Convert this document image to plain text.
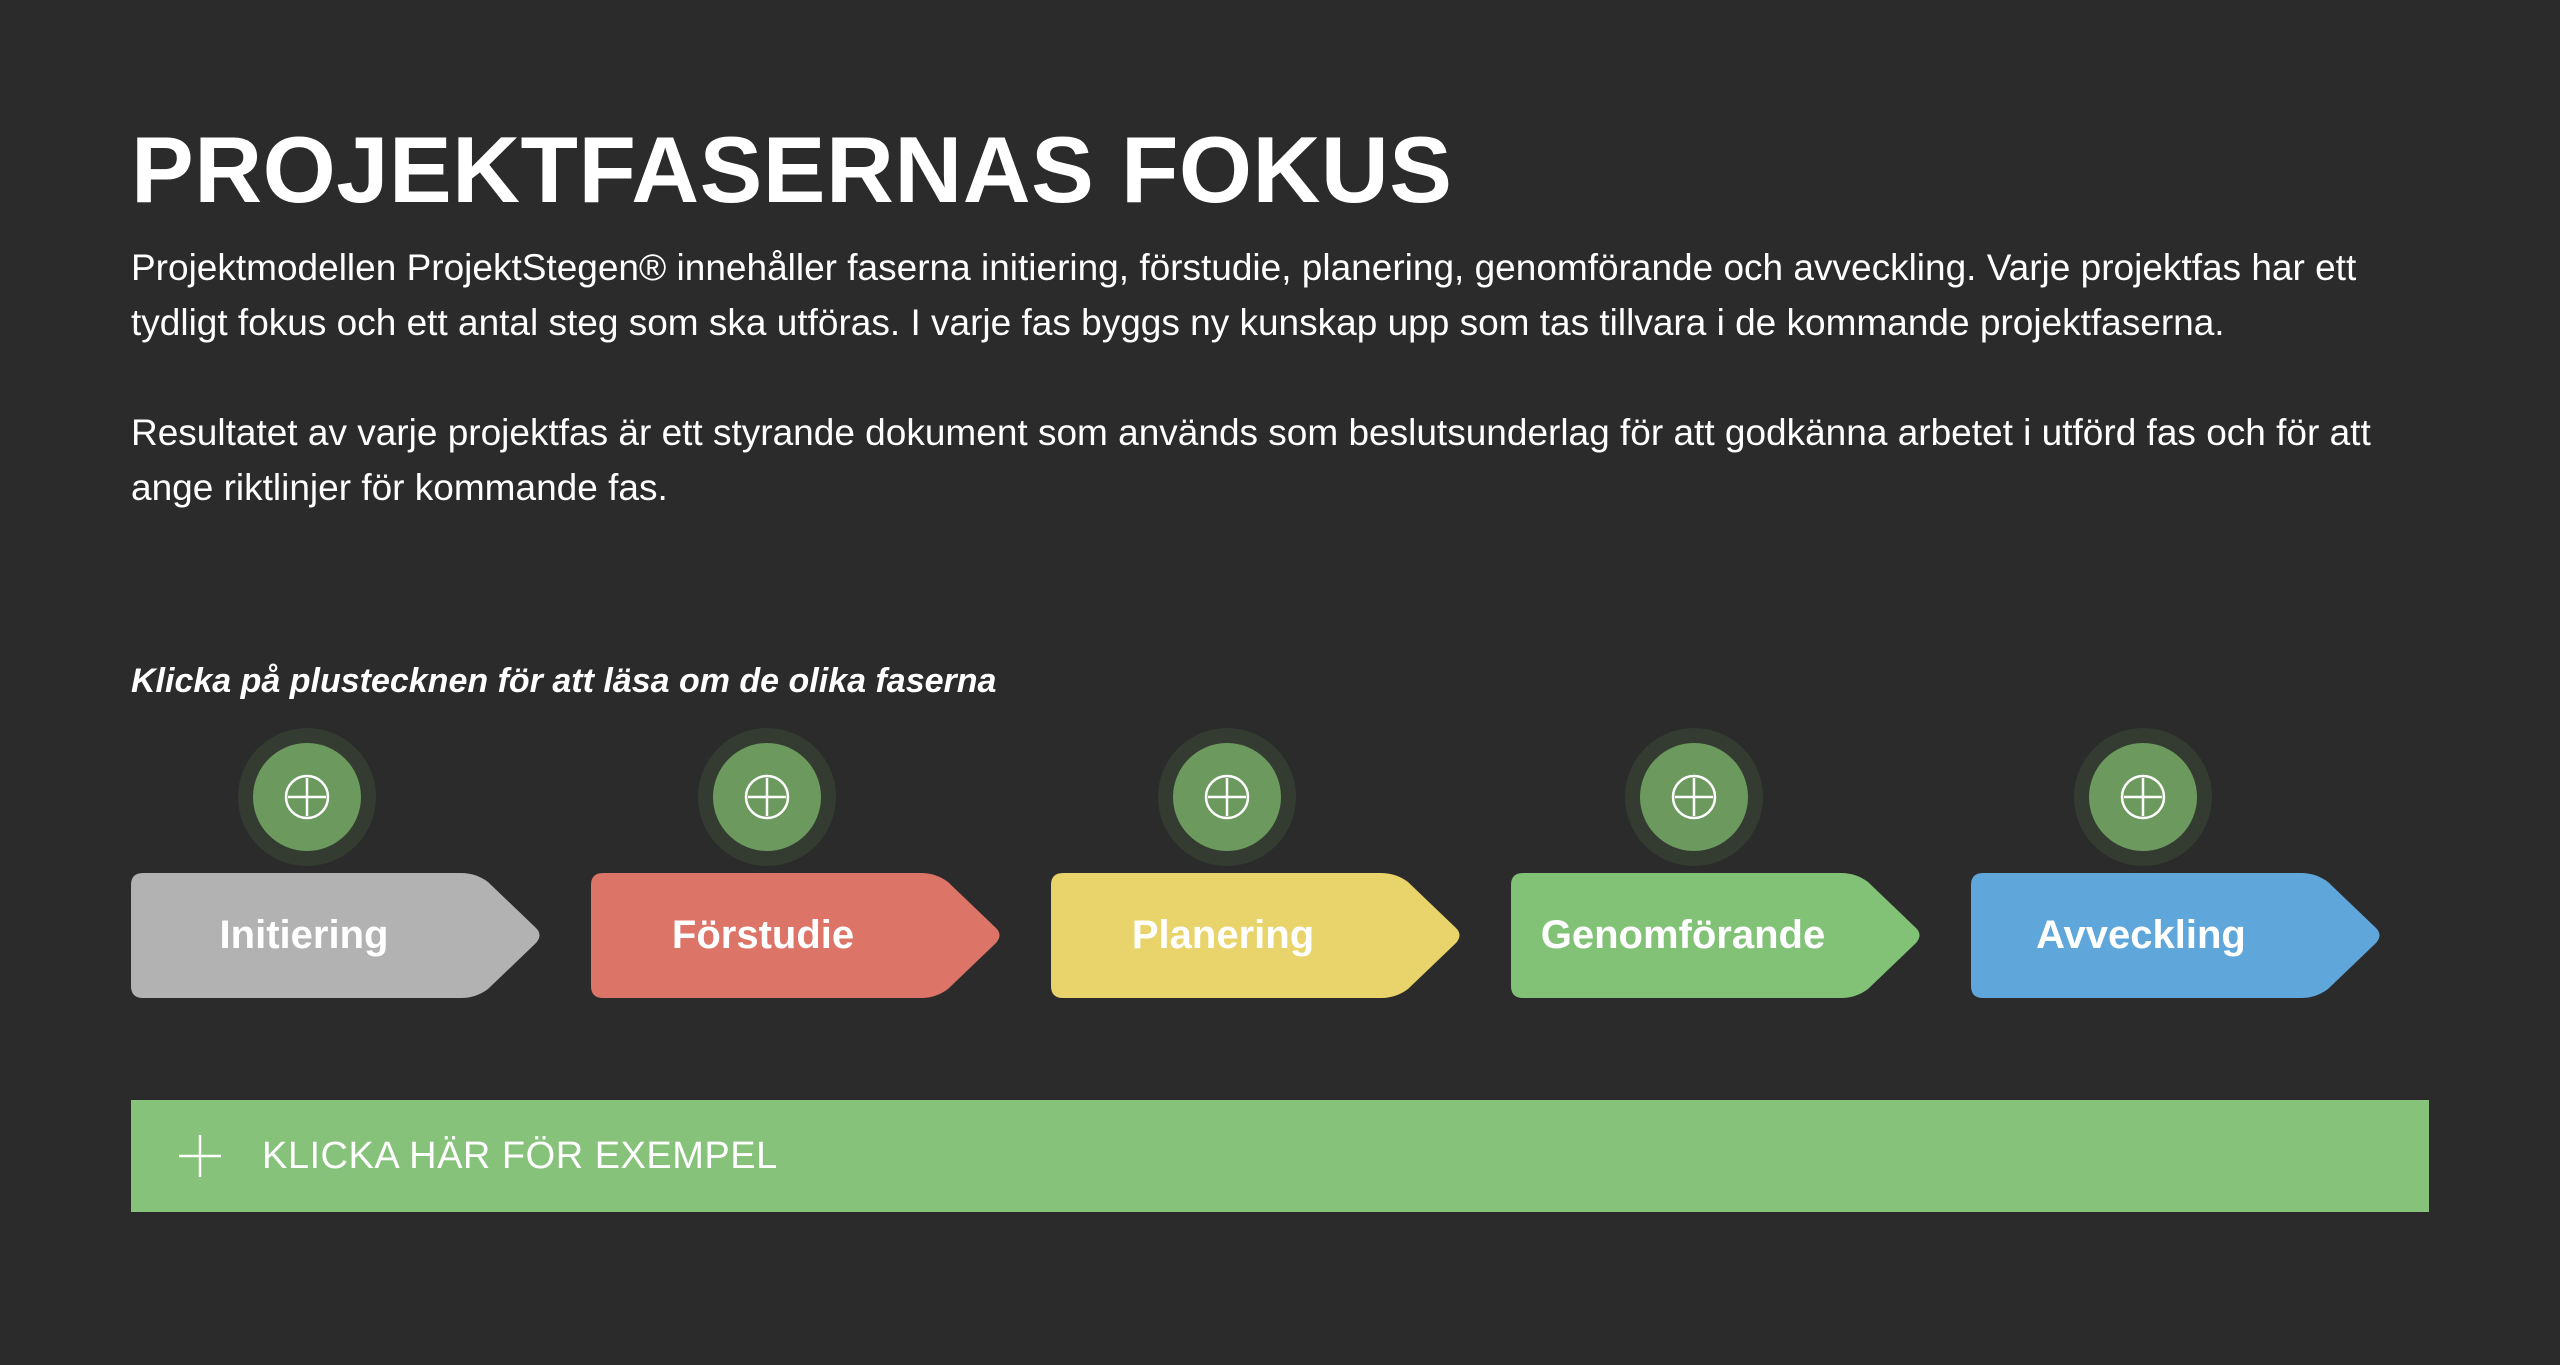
PROJEKTFASERNAS FOKUS

Projektmodellen ProjektStegen® innehåller faserna initiering, förstudie, planering, genomförande och avveckling. Varje projektfas har ett tydligt fokus och ett antal steg som ska utföras. I varje fas byggs ny kunskap upp som tas tillvara i de kommande projektfaserna.

Resultatet av varje projektfas är ett styrande dokument som används som beslutsunderlag för att godkänna arbetet i utförd fas och för att ange riktlinjer för kommande fas.

Klicka på plustecknen för att läsa om de olika faserna

Initiering	Förstudie	Planering	Genomförande	Avveckling
KLICKA HÄR FÖR EXEMPEL
